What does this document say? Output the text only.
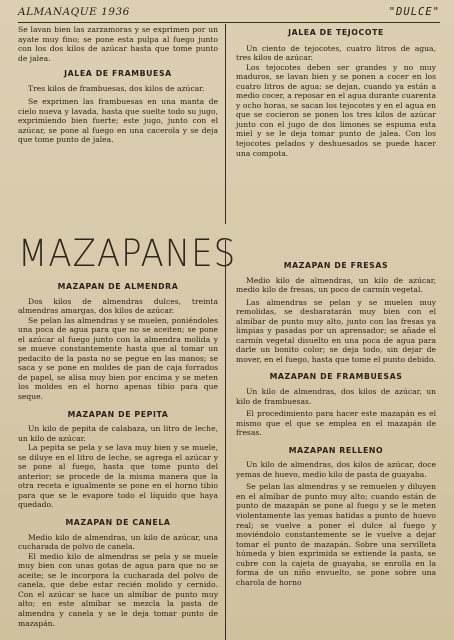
ALMANAQUE 1936	"DULCE"

Se lavan bien las zarzamoras y se exprimen por un ayate muy fino; se pone esta pulpa al fuego junto con los dos kilos de azúcar hasta que tome punto de jalea.

JALEA DE FRAMBUESA

Tres kilos de frambuesas, dos kilos de azúcar.

Se exprimen las frambuesas en una manta de cielo nueva y lavada, hasta que suelte todo su jugo, exprimiendo bien fuerte; este jugo, junto con el azúcar, se pone al fuego en una cacerola y se deja que tome punto de jalea.

JALEA DE TEJOCOTE

Un ciento de tejocotes, cuatro litros de agua, tres kilos de azúcar.

Los tejocotes deben ser grandes y no muy maduros, se lavan bien y se ponen a cocer en los cuatro litros de agua; se dejan, cuando ya están a medio cocer, a reposar en el agua durante cuarenta y ocho horas, se sacan los tejocotes y en el agua en que se cocieron se ponen los tres kilos de azúcar junto con el jugo de dos limones se espuma esta miel y se le deja tomar punto de jalea. Con los tejocotes pelados y deshuesados se puede hacer una compota.

MAZAPANES
MAZAPAN DE ALMENDRA

Dos kilos de almendras dulces, treinta almendras amargas, dos kilos de azúcar.

Se pelan las almendras y se muelen, poniéndoles una poca de agua para que no se aceiten; se pone el azúcar al fuego junto con la almendra molida y se mueve constantemente hasta que al tomar un pedacito de la pasta no se pegue en las manos; se saca y se pone en moldes de pan de caja forrados de papel, se alisa muy bien por encima y se meten los moldes en el horno apenas tibio para que seque.

MAZAPAN DE PEPITA

Un kilo de pepita de calabaza, un litro de leche, un kilo de azúcar.

La pepita se pela y se lava muy bien y se muele, se diluye en el litro de leche, se agrega el azúcar y se pone al fuego, hasta que tome punto del anterior; se procede de la misma manera que la otra receta e igualmente se pone en el horno tibio para que se le evapore todo el líquido que haya quedado.

MAZAPAN DE CANELA

Medio kilo de almendras, un kilo de azúcar, una cucharada de polvo de canela.

El medio kilo de almendras se pela y se muele muy bien con unas gotas de agua para que no se aceite; se le incorpora la cucharada del polvo de canela, que debe estar recién molido y cernido. Con el azúcar se hace un almíbar de punto muy alto; en este almíbar se mezcla la pasta de almendra y canela y se le deja tomar punto de mazapán.

MAZAPAN DE FRESAS

Medio kilo de almendras, un kilo de azúcar, medio kilo de fresas, un poco de carmín vegetal.

Las almendras se pelan y se muelen muy remolidas, se desbaratarán muy bien con el almíbar de punto muy alto, junto con las fresas ya limpias y pasadas por un aprensador; se añade el carmín vegetal disuelto en una poca de agua para darle un bonito color; se deja todo, sin dejar de mover, en el fuego, hasta que tome el punto debido.

MAZAPAN DE FRAMBUESAS

Un kilo de almendras, dos kilos de azúcar, un kilo de frambuesas.

El procedimiento para hacer este mazapán es el mismo que el que se emplea en el mazapán de fresas.

MAZAPAN RELLENO

Un kilo de almendras, dos kilos de azúcar, doce yemas de huevo, medio kilo de pasta de guayaba.

Se pelan las almendras y se remuelen y diluyen en el almíbar de punto muy alto; cuando están de punto de mazapán se pone al fuego y se le meten violentamente las yemas batidas a punto de huevo real; se vuelve a poner el dulce al fuego y moviéndolo constantemente se le vuelve a dejar tomar el punto de mazapán. Sobre una servilleta húmeda y bien exprimida se extiende la pasta, se cubre con la cajeta de guayaba, se enrolla en la forma de un niño envuelto, se pone sobre una charola de horno
